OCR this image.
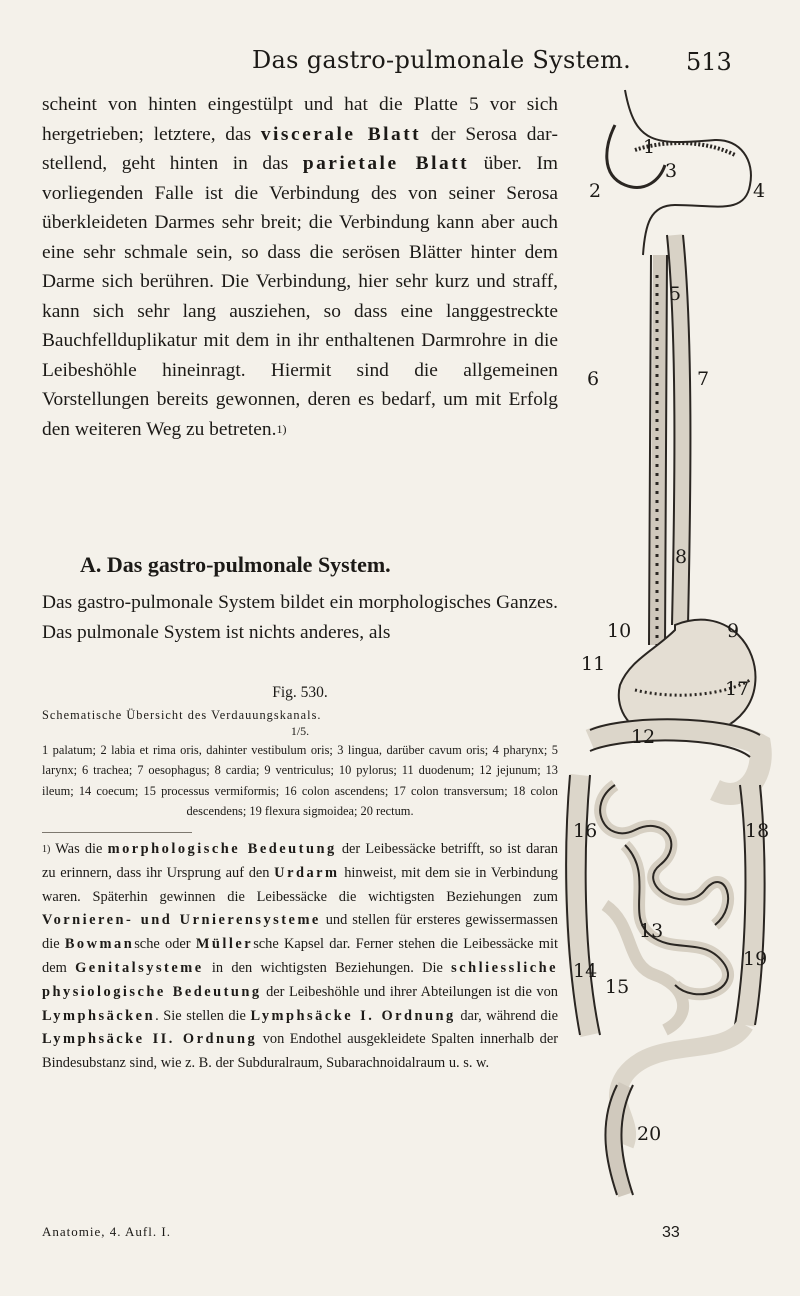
Das gastro-pulmonale System. 513

scheint von hinten eingestülpt und hat die Platte 5 vor sich hergetrieben; letztere, das viscerale Blatt der Serosa darstellend, geht hinten in das parietale Blatt über. Im vorliegenden Falle ist die Verbindung des von seiner Serosa überkleideten Darmes sehr breit; die Verbindung kann aber auch eine sehr schmale sein, so dass die serösen Blätter hinter dem Darme sich berühren. Die Verbindung, hier sehr kurz und straff, kann sich sehr lang ausziehen, so dass eine langgestreckte Bauchfellduplikatur mit dem in ihr enthaltenen Darmrohre in die Leibeshöhle hineinragt. Hiermit sind die allgemeinen Vorstellungen bereits gewonnen, deren es bedarf, um mit Erfolg den weiteren Weg zu betreten.$^{1)}$

A. Das gastro-pulmonale System.
Das gastro-pulmonale System bildet ein morphologisches Ganzes. Das pulmonale System ist nichts anderes, als
Fig. 530.
Schematische Übersicht des Verdauungskanals.
1/5.
1 palatum; 2 labia et rima oris, dahinter vestibulum oris; 3 lingua, darüber cavum oris; 4 pharynx; 5 larynx; 6 trachea; 7 oesophagus; 8 cardia; 9 ventriculus; 10 pylorus; 11 duodenum; 12 jejunum; 13 ileum; 14 coecum; 15 processus vermiformis; 16 colon ascendens; 17 colon transversum; 18 colon descendens; 19 flexura sigmoidea; 20 rectum.
$^{1)}$ Was die morphologische Bedeutung der Leibessäcke betrifft, so ist daran zu erinnern, dass ihr Ursprung auf den Urdarm hinweist, mit dem sie in Verbindung waren. Späterhin gewinnen die Leibessäcke die wichtigsten Beziehungen zum Vornieren- und Urnierensysteme und stellen für ersteres gewissermassen die Bowmansche oder Müllersche Kapsel dar. Ferner stehen die Leibessäcke mit dem Genitalsysteme in den wichtigsten Beziehungen. Die schliessliche physiologische Bedeutung der Leibeshöhle und ihrer Abteilungen ist die von Lymphsäcken. Sie stellen die Lymphsäcke I. Ordnung dar, während die Lymphsäcke II. Ordnung von Endothel ausgekleidete Spalten innerhalb der Bindesubstanz sind, wie z. B. der Subduralraum, Subarachnoidalraum u. s. w.
Anatomie, 4. Aufl. I.	33
1
2
3
4
5
6	7
8
9
10
11
12
13
14
15
16
17
18
19
20
